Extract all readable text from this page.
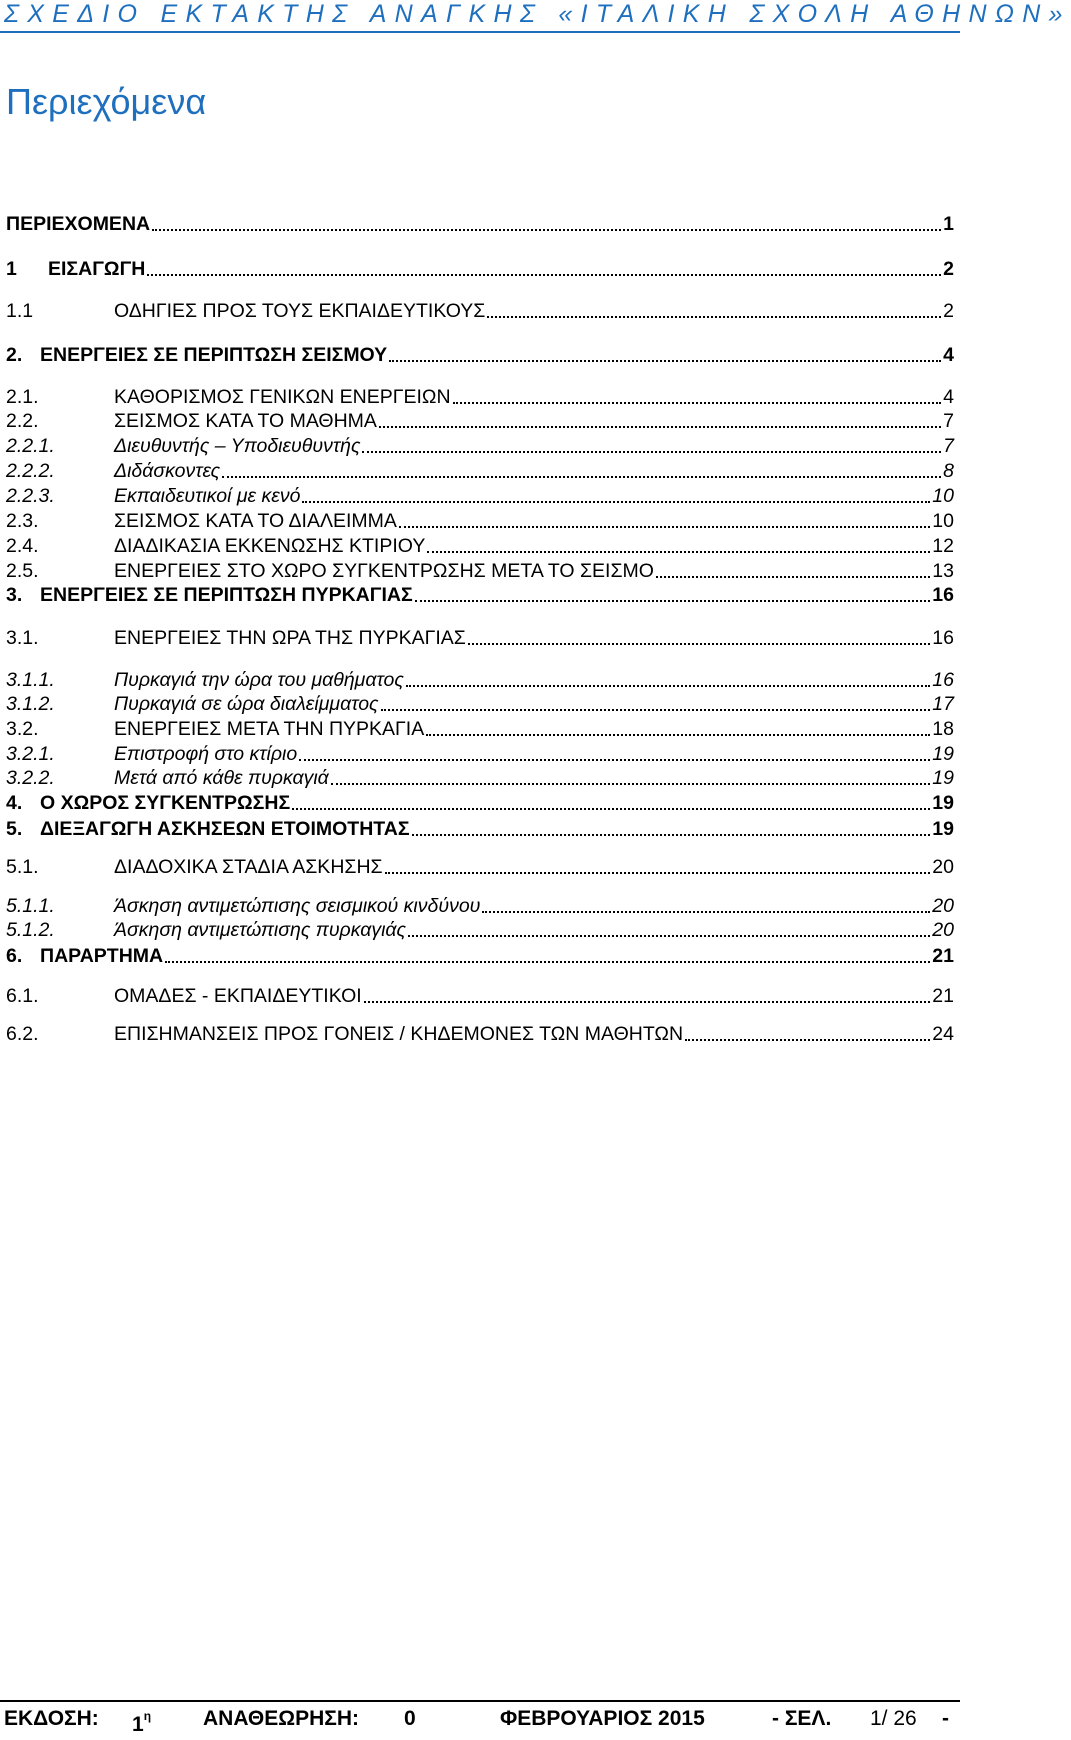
ΣΧΕΔΙΟ ΕΚΤΑΚΤΗΣ ΑΝΑΓΚΗΣ «ΙΤΑΛΙΚΗ ΣΧΟΛΗ ΑΘΗΝΩΝ»
Περιεχόμενα
ΠΕΡΙΕΧΟΜΕΝΑ	1
1	ΕΙΣΑΓΩΓΗ	2
1.1	ΟΔΗΓΙΕΣ ΠΡΟΣ ΤΟΥΣ ΕΚΠΑΙΔΕΥΤΙΚΟΥΣ	2
2. ΕΝΕΡΓΕΙΕΣ ΣΕ ΠΕΡΙΠΤΩΣΗ ΣΕΙΣΜΟΥ	4
2.1.	ΚΑΘΟΡΙΣΜΟΣ ΓΕΝΙΚΩΝ ΕΝΕΡΓΕΙΩΝ	4
2.2.	ΣΕΙΣΜΟΣ ΚΑΤΑ ΤΟ ΜΑΘΗΜΑ	7
2.2.1.	Διευθυντής – Υποδιευθυντής	7
2.2.2.	Διδάσκοντες	8
2.2.3.	Εκπαιδευτικοί με κενό	10
2.3.	ΣΕΙΣΜΟΣ ΚΑΤΑ ΤΟ ΔΙΑΛΕΙΜΜΑ	10
2.4.	ΔΙΑΔΙΚΑΣΙΑ ΕΚΚΕΝΩΣΗΣ ΚΤΙΡΙΟΥ	12
2.5.	ΕΝΕΡΓΕΙΕΣ ΣΤΟ ΧΩΡΟ ΣΥΓΚΕΝΤΡΩΣΗΣ ΜΕΤΑ ΤΟ ΣΕΙΣΜΟ	13
3. ΕΝΕΡΓΕΙΕΣ ΣΕ ΠΕΡΙΠΤΩΣΗ ΠΥΡΚΑΓΙΑΣ	16
3.1.	ΕΝΕΡΓΕΙΕΣ ΤΗΝ ΩΡΑ ΤΗΣ ΠΥΡΚΑΓΙΑΣ	16
3.1.1.	Πυρκαγιά την ώρα του μαθήματος	16
3.1.2.	Πυρκαγιά σε ώρα διαλείμματος	17
3.2.	ΕΝΕΡΓΕΙΕΣ ΜΕΤΑ ΤΗΝ ΠΥΡΚΑΓΙΑ	18
3.2.1.	Επιστροφή στο κτίριο	19
3.2.2.	Μετά από κάθε πυρκαγιά	19
4. Ο ΧΩΡΟΣ ΣΥΓΚΕΝΤΡΩΣΗΣ	19
5. ΔΙΕΞΑΓΩΓΗ ΑΣΚΗΣΕΩΝ ΕΤΟΙΜΟΤΗΤΑΣ	19
5.1.	ΔΙΑΔΟΧΙΚΑ ΣΤΑΔΙΑ ΑΣΚΗΣΗΣ	20
5.1.1.	Άσκηση αντιμετώπισης σεισμικού κινδύνου	20
5.1.2.	Άσκηση αντιμετώπισης πυρκαγιάς	20
6. ΠΑΡΑΡΤΗΜΑ	21
6.1.	ΟΜΑΔΕΣ - ΕΚΠΑΙΔΕΥΤΙΚΟΙ	21
6.2.	ΕΠΙΣΗΜΑΝΣΕΙΣ ΠΡΟΣ ΓΟΝΕΙΣ / ΚΗΔΕΜΟΝΕΣ ΤΩΝ ΜΑΘΗΤΩΝ	24
ΕΚΔΟΣΗ: $1^\eta$ ΑΝΑΘΕΩΡΗΣΗ: 0	ΦΕΒΡΟΥΑΡΙΟΣ 2015	- ΣΕΛ. 1/ 26 -
